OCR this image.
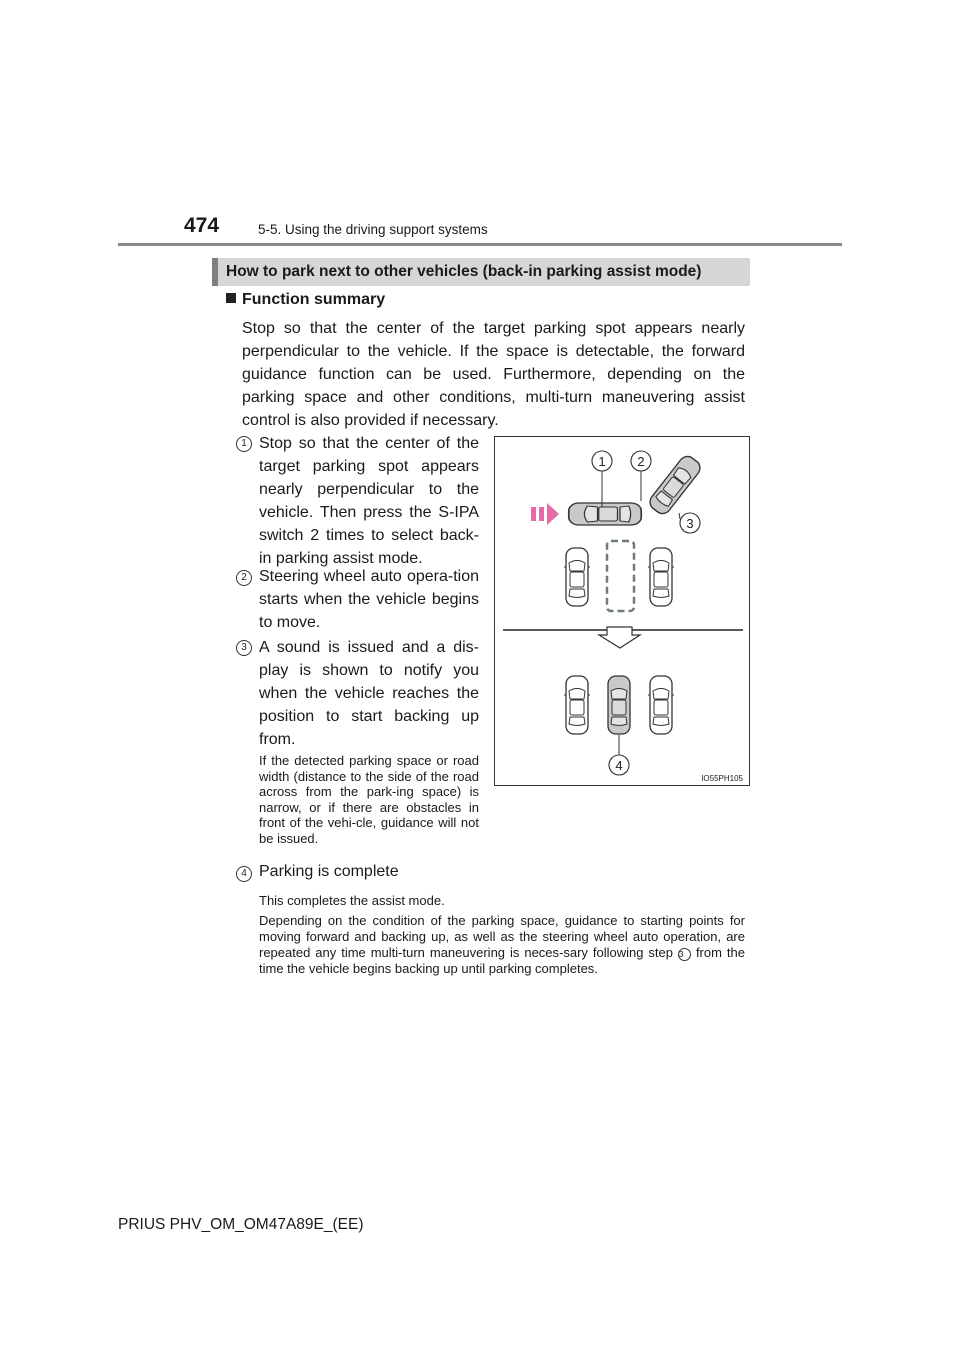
474	5-5. Using the driving support systems
How to park next to other vehicles (back-in parking assist mode)
Function summary
Stop so that the center of the target parking spot appears nearly perpendicular to the vehicle. If the space is detectable, the forward guidance function can be used. Furthermore, depending on the parking space and other conditions, multi-turn maneuvering assist control is also provided if necessary.
1 Stop so that the center of the target parking spot appears nearly perpendicular to the vehicle. Then press the S-IPA switch 2 times to select back-in parking assist mode.
2 Steering wheel auto opera-tion starts when the vehicle begins to move.
3 A sound is issued and a dis-play is shown to notify you when the vehicle reaches the position to start backing up from.
If the detected parking space or road width (distance to the side of the road across from the park-ing space) is narrow, or if there are obstacles in front of the vehi-cle, guidance will not be issued.
4 Parking is complete
This completes the assist mode.
Depending on the condition of the parking space, guidance to starting points for moving forward and backing up, as well as the steering wheel auto operation, are repeated any time multi-turn maneuvering is neces-sary following step 3 from the time the vehicle begins backing up until parking completes.
1 2
3
4
IO55PH105
PRIUS PHV_OM_OM47A89E_(EE)
